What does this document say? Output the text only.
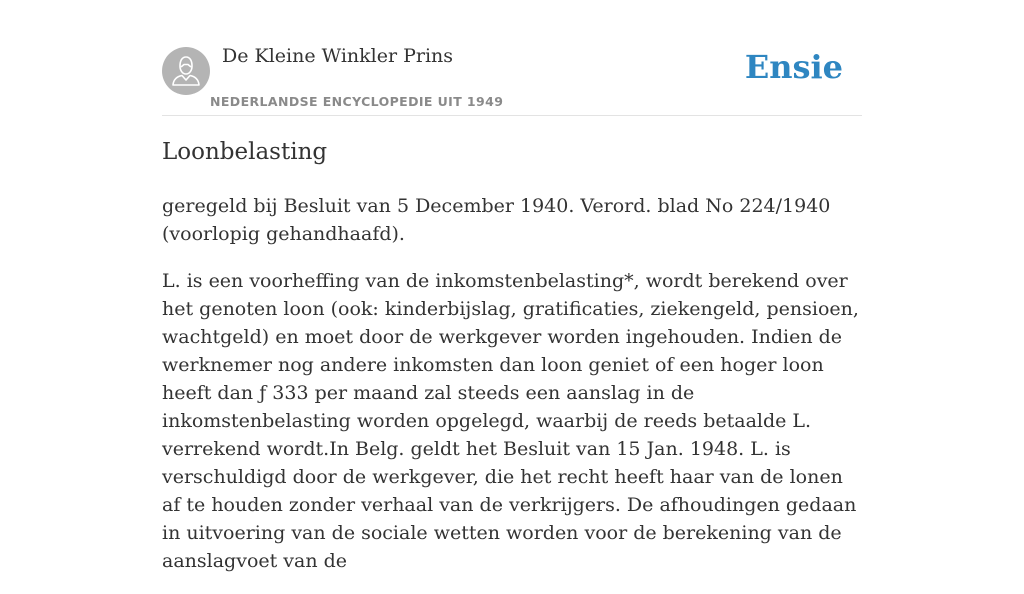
De Kleine Winkler Prins
NEDERLANDSE ENCYCLOPEDIE UIT 1949
Ensie
Loonbelasting

geregeld bij Besluit van 5 December 1940. Verord. blad No 224/1940 (voorlopig gehandhaafd).

L. is een voorheffing van de inkomstenbelasting*, wordt berekend over het genoten loon (ook: kinderbijslag, gratificaties, ziekengeld, pensioen, wachtgeld) en moet door de werkgever worden ingehouden. Indien de werknemer nog andere inkomsten dan loon geniet of een hoger loon heeft dan ƒ 333 per maand zal steeds een aanslag in de inkomstenbelasting worden opgelegd, waarbij de reeds betaalde L. verrekend wordt.In Belg. geldt het Besluit van 15 Jan. 1948. L. is verschuldigd door de werkgever, die het recht heeft haar van de lonen af te houden zonder verhaal van de verkrijgers. De afhoudingen gedaan in uitvoering van de sociale wetten worden voor de berekening van de aanslagvoet van de
